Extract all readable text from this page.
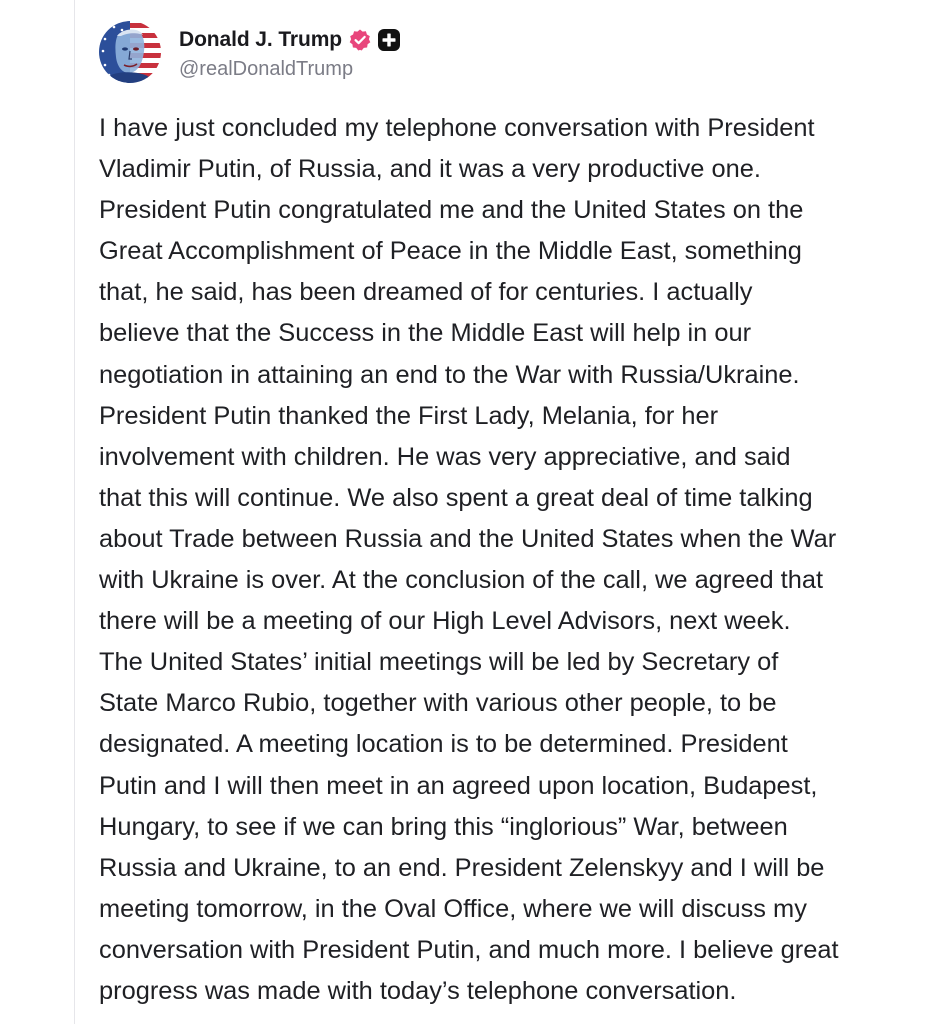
Donald J. Trump
@realDonaldTrump
I have just concluded my telephone conversation with President
Vladimir Putin, of Russia, and it was a very productive one.
President Putin congratulated me and the United States on the
Great Accomplishment of Peace in the Middle East, something
that, he said, has been dreamed of for centuries. I actually
believe that the Success in the Middle East will help in our
negotiation in attaining an end to the War with Russia/Ukraine.
President Putin thanked the First Lady, Melania, for her
involvement with children. He was very appreciative, and said
that this will continue. We also spent a great deal of time talking
about Trade between Russia and the United States when the War
with Ukraine is over. At the conclusion of the call, we agreed that
there will be a meeting of our High Level Advisors, next week.
The United States’ initial meetings will be led by Secretary of
State Marco Rubio, together with various other people, to be
designated. A meeting location is to be determined. President
Putin and I will then meet in an agreed upon location, Budapest,
Hungary, to see if we can bring this “inglorious” War, between
Russia and Ukraine, to an end. President Zelenskyy and I will be
meeting tomorrow, in the Oval Office, where we will discuss my
conversation with President Putin, and much more. I believe great
progress was made with today’s telephone conversation.
